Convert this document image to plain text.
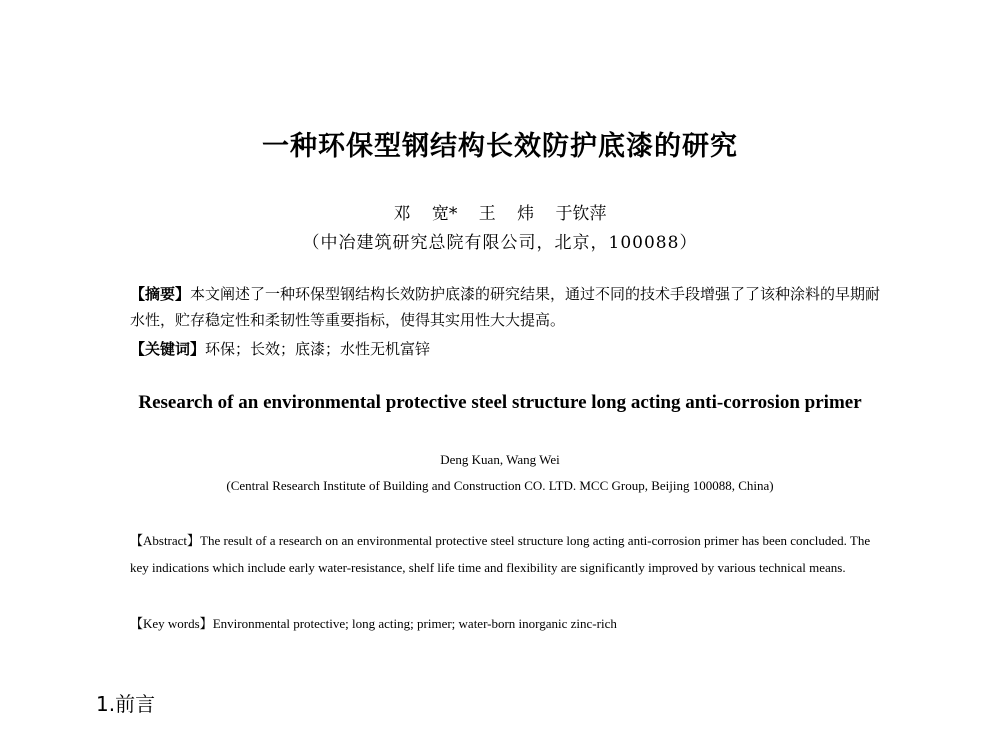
一种环保型钢结构长效防护底漆的研究
邓 宽* 王 炜 于钦萍
（中冶建筑研究总院有限公司，北京，100088）
【摘要】本文阐述了一种环保型钢结构长效防护底漆的研究结果，通过不同的技术手段增强了了该种涂料的早期耐水性，贮存稳定性和柔韧性等重要指标，使得其实用性大大提高。
【关键词】环保；长效；底漆；水性无机富锌
Research of an environmental protective steel structure long acting anti-corrosion primer
Deng Kuan, Wang Wei
(Central Research Institute of Building and Construction CO. LTD. MCC Group, Beijing 100088, China)
【Abstract】The result of a research on an environmental protective steel structure long acting anti-corrosion primer has been concluded. The key indications which include early water-resistance, shelf life time and flexibility are significantly improved by various technical means.
【Key words】Environmental protective; long acting; primer; water-born inorganic zinc-rich
1.前言
